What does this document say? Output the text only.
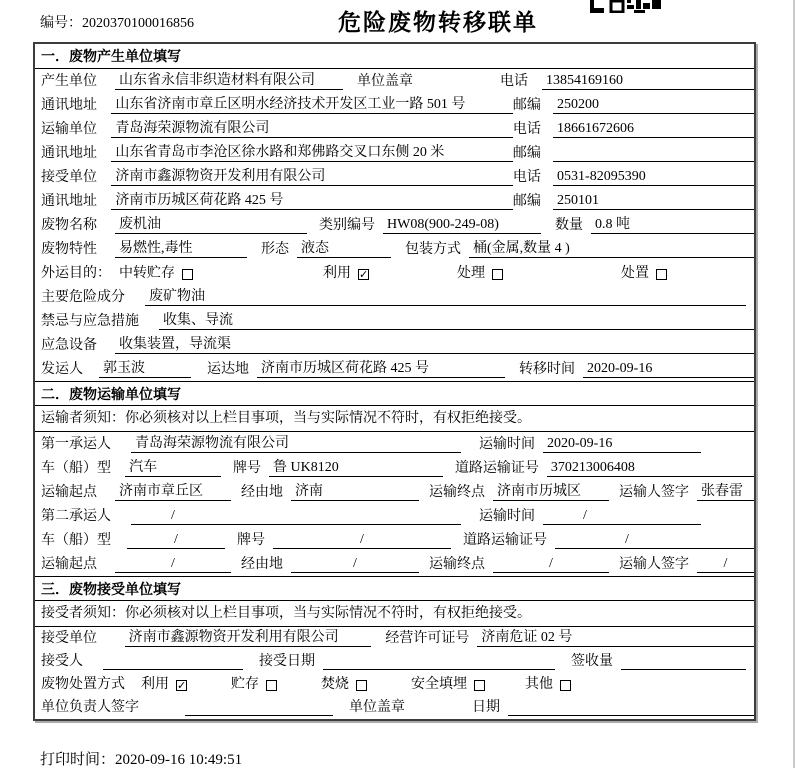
编号：2020370100016856	危险废物转移联单
一．废物产生单位填写
产生单位	山东省永信非织造材料有限公司	单位盖章	电话	13854169160
通讯地址	山东省济南市章丘区明水经济技术开发区工业一路 501 号	邮编	250200
运输单位	青岛海荣源物流有限公司	电话	18661672606
通讯地址	山东省青岛市李沧区徐水路和郑佛路交叉口东侧 20 米	邮编
接受单位	济南市鑫源物资开发利用有限公司	电话	0531-82095390
通讯地址	济南市历城区荷花路 425 号	邮编	250101
废物名称	废机油	类别编号 HW08(900-249-08)	数量 0.8 吨
废物特性	易燃性,毒性	形态 液态	包装方式 桶(金属,数量 4 )
外运目的： 中转贮存	利用 ✓	处理	处置
主要危险成分	废矿物油
禁忌与应急措施	收集、导流
应急设备	收集装置，导流渠
发运人	郭玉波	运达地 济南市历城区荷花路 425 号	转移时间 2020-09-16
二．废物运输单位填写
运输者须知：你必须核对以上栏目事项，当与实际情况不符时，有权拒绝接受。
第一承运人	青岛海荣源物流有限公司	运输时间 2020-09-16
车（船）型	汽车	牌号 鲁 UK8120	道路运输证号 370213006408
运输起点	济南市章丘区	经由地 济南	运输终点 济南市历城区	运输人签字 张春雷
第二承运人	/	运输时间	/
车（船）型	/	牌号	/	道路运输证号	/
运输起点	/	经由地	/	运输终点	/	运输人签字	/
三．废物接受单位填写
接受者须知：你必须核对以上栏目事项，当与实际情况不符时，有权拒绝接受。
接受单位	济南市鑫源物资开发利用有限公司	经营许可证号 济南危证 02 号
接受人	接受日期	签收量
废物处置方式	利用 ✓	贮存	焚烧	安全填埋	其他
单位负责人签字	单位盖章	日期
打印时间：2020-09-16 10:49:51
